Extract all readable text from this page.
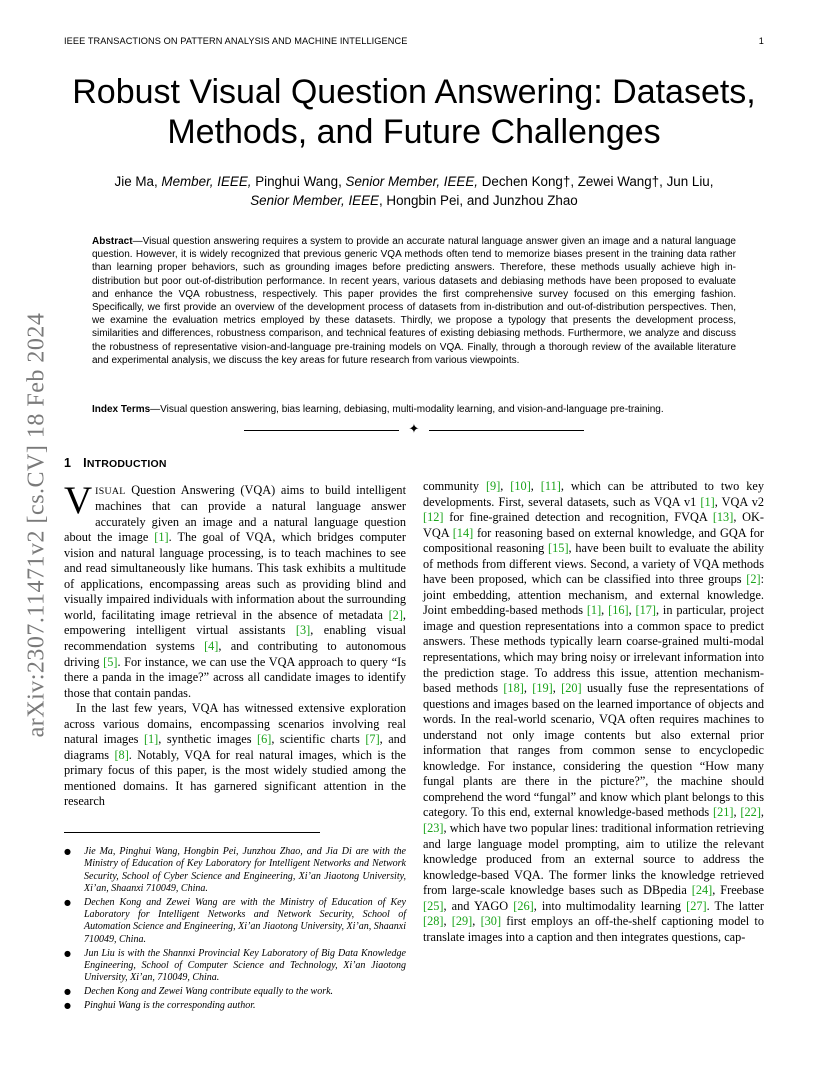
IEEE TRANSACTIONS ON PATTERN ANALYSIS AND MACHINE INTELLIGENCE	1
arXiv:2307.11471v2 [cs.CV] 18 Feb 2024
Robust Visual Question Answering: Datasets,
Methods, and Future Challenges
Jie Ma, Member, IEEE, Pinghui Wang, Senior Member, IEEE, Dechen Kong†, Zewei Wang†, Jun Liu,
Senior Member, IEEE, Hongbin Pei, and Junzhou Zhao
Abstract—Visual question answering requires a system to provide an accurate natural language answer given an image and a natural language question. However, it is widely recognized that previous generic VQA methods often tend to memorize biases present in the training data rather than learning proper behaviors, such as grounding images before predicting answers. Therefore, these methods usually achieve high in-distribution but poor out-of-distribution performance. In recent years, various datasets and debiasing methods have been proposed to evaluate and enhance the VQA robustness, respectively. This paper provides the first comprehensive survey focused on this emerging fashion. Specifically, we first provide an overview of the development process of datasets from in-distribution and out-of-distribution perspectives. Then, we examine the evaluation metrics employed by these datasets. Thirdly, we propose a typology that presents the development process, similarities and differences, robustness comparison, and technical features of existing debiasing methods. Furthermore, we analyze and discuss the robustness of representative vision-and-language pre-training models on VQA. Finally, through a thorough review of the available literature and experimental analysis, we discuss the key areas for future research from various viewpoints.
Index Terms—Visual question answering, bias learning, debiasing, multi-modality learning, and vision-and-language pre-training.
✦
1 INTRODUCTION

VISUAL Question Answering (VQA) aims to build intelligent machines that can provide a natural language answer accurately given an image and a natural language question about the image [1]. The goal of VQA, which bridges computer vision and natural language processing, is to teach machines to see and read simultaneously like humans. This task exhibits a multitude of applications, encompassing areas such as providing blind and visually impaired individuals with information about the surrounding world, facilitating image retrieval in the absence of metadata [2], empowering intelligent virtual assistants [3], enabling visual recommendation systems [4], and contributing to autonomous driving [5]. For instance, we can use the VQA approach to query “Is there a panda in the image?” across all candidate images to identify those that contain pandas.

In the last few years, VQA has witnessed extensive exploration across various domains, encompassing scenarios involving real natural images [1], synthetic images [6], scientific charts [7], and diagrams [8]. Notably, VQA for real natural images, which is the primary focus of this paper, is the most widely studied among the mentioned domains. It has garnered significant attention in the research

● Jie Ma, Pinghui Wang, Hongbin Pei, Junzhou Zhao, and Jia Di are with the Ministry of Education of Key Laboratory for Intelligent Networks and Network Security, School of Cyber Science and Engineering, Xi’an Jiaotong University, Xi’an, Shaanxi 710049, China.
● Dechen Kong and Zewei Wang are with the Ministry of Education of Key Laboratory for Intelligent Networks and Network Security, School of Automation Science and Engineering, Xi’an Jiaotong University, Xi’an, Shaanxi 710049, China.
● Jun Liu is with the Shannxi Provincial Key Laboratory of Big Data Knowledge Engineering, School of Computer Science and Technology, Xi’an Jiaotong University, Xi’an, 710049, China.
● Dechen Kong and Zewei Wang contribute equally to the work.
● Pinghui Wang is the corresponding author.

community [9], [10], [11], which can be attributed to two key developments. First, several datasets, such as VQA v1 [1], VQA v2 [12] for fine-grained detection and recognition, FVQA [13], OK-VQA [14] for reasoning based on external knowledge, and GQA for compositional reasoning [15], have been built to evaluate the ability of methods from different views. Second, a variety of VQA methods have been proposed, which can be classified into three groups [2]: joint embedding, attention mechanism, and external knowledge. Joint embedding-based methods [1], [16], [17], in particular, project image and question representations into a common space to predict answers. These methods typically learn coarse-grained multi-modal representations, which may bring noisy or irrelevant information into the prediction stage. To address this issue, attention mechanism-based methods [18], [19], [20] usually fuse the representations of questions and images based on the learned importance of objects and words. In the real-world scenario, VQA often requires machines to understand not only image contents but also external prior information that ranges from common sense to encyclopedic knowledge. For instance, considering the question “How many fungal plants are there in the picture?”, the machine should comprehend the word “fungal” and know which plant belongs to this category. To this end, external knowledge-based methods [21], [22], [23], which have two popular lines: traditional information retrieving and large language model prompting, aim to utilize the relevant knowledge produced from an external source to address the knowledge-based VQA. The former links the knowledge retrieved from large-scale knowledge bases such as DBpedia [24], Freebase [25], and YAGO [26], into multimodality learning [27]. The latter [28], [29], [30] first employs an off-the-shelf captioning model to translate images into a caption and then integrates questions, cap-
